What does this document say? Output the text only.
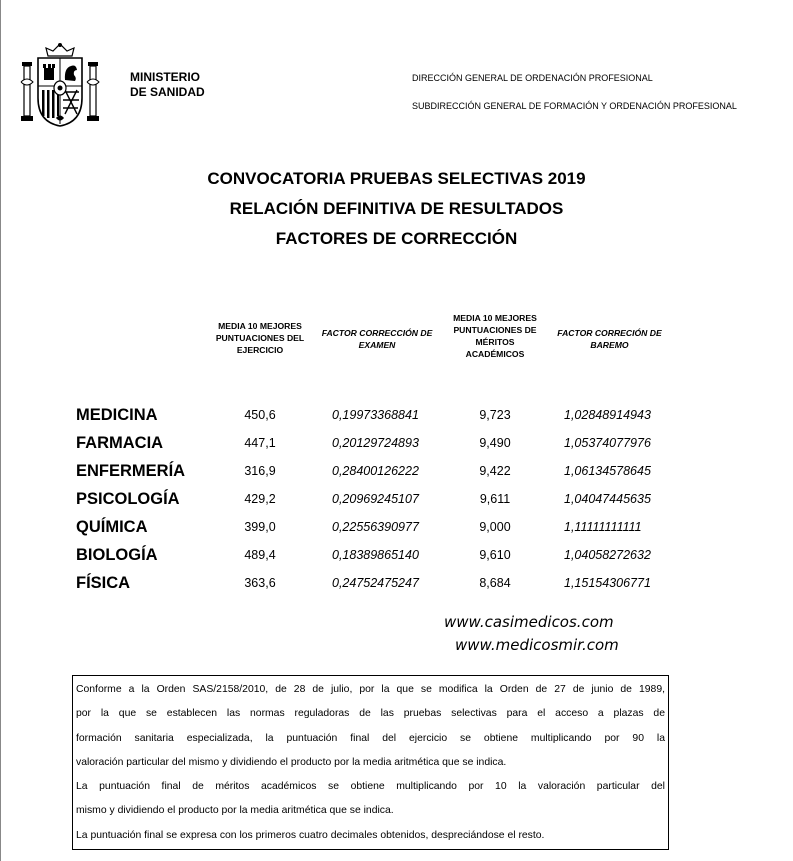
MINISTERIO
DE SANIDAD
DIRECCIÓN GENERAL DE ORDENACIÓN PROFESIONAL
SUBDIRECCIÓN GENERAL DE FORMACIÓN Y ORDENACIÓN PROFESIONAL
CONVOCATORIA PRUEBAS SELECTIVAS 2019
RELACIÓN DEFINITIVA DE RESULTADOS
FACTORES DE CORRECCIÓN
MEDIA 10 MEJORES
PUNTUACIONES DEL
EJERCICIO
FACTOR CORRECCIÓN DE
EXAMEN
MEDIA 10 MEJORES
PUNTUACIONES DE
MÉRITOS
ACADÉMICOS
FACTOR CORRECIÓN DE
BAREMO
MEDICINA	450,6	0,19973368841	9,723	1,02848914943
FARMACIA	447,1	0,20129724893	9,490	1,05374077976
ENFERMERÍA	316,9	0,28400126222	9,422	1,06134578645
PSICOLOGÍA	429,2	0,20969245107	9,611	1,04047445635
QUÍMICA	399,0	0,22556390977	9,000	1,11111111111
BIOLOGÍA	489,4	0,18389865140	9,610	1,04058272632
FÍSICA	363,6	0,24752475247	8,684	1,15154306771
www.casimedicos.com
www.medicosmir.com

Conforme a la Orden SAS/2158/2010, de 28 de julio, por la que se modifica la Orden de 27 de junio de 1989,

por la que se establecen las normas reguladoras de las pruebas selectivas para el acceso a plazas de

formación sanitaria especializada, la puntuación final del ejercicio se obtiene multiplicando por 90 la

valoración particular del mismo y dividiendo el producto por la media aritmética que se indica.

La puntuación final de méritos académicos se obtiene multiplicando por 10 la valoración particular del

mismo y dividiendo el producto por la media aritmética que se indica.

La puntuación final se expresa con los primeros cuatro decimales obtenidos, despreciándose el resto.
